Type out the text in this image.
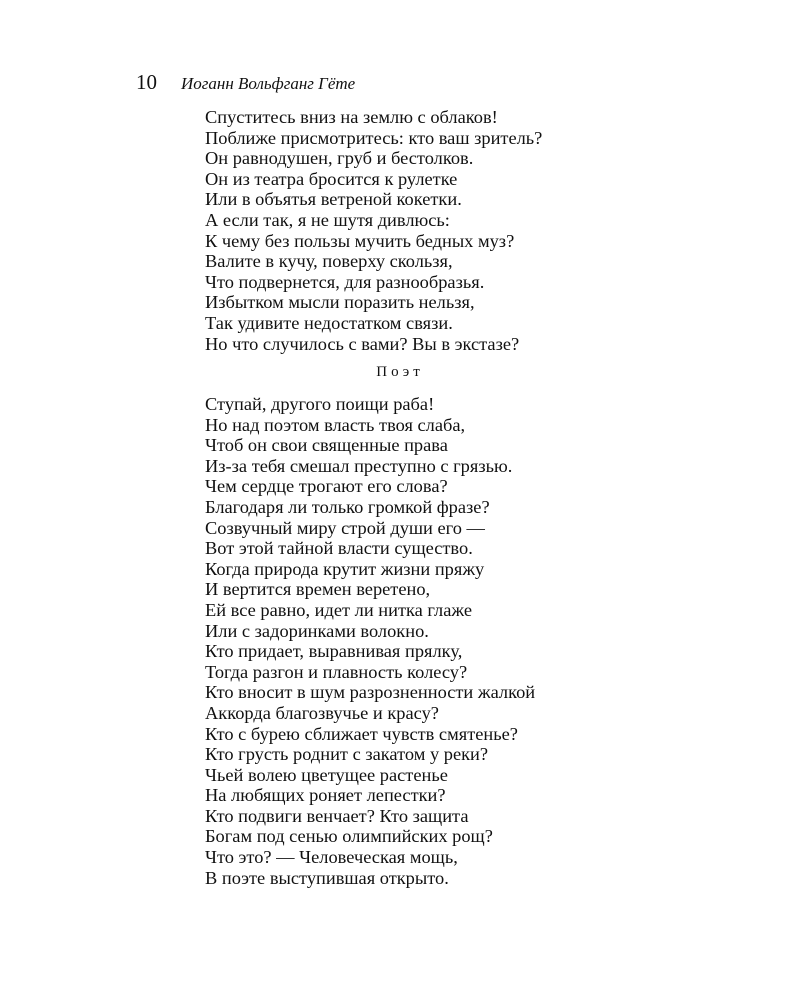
10 Иоганн Вольфганг Гёте
Спуститесь вниз на землю с облаков!
Поближе присмотритесь: кто ваш зритель?
Он равнодушен, груб и бестолков.
Он из театра бросится к рулетке
Или в объятья ветреной кокетки.
А если так, я не шутя дивлюсь:
К чему без пользы мучить бедных муз?
Валите в кучу, поверху скользя,
Что подвернется, для разнообразья.
Избытком мысли поразить нельзя,
Так удивите недостатком связи.
Но что случилось с вами? Вы в экстазе?
Поэт
Ступай, другого поищи раба!
Но над поэтом власть твоя слаба,
Чтоб он свои священные права
Из-за тебя смешал преступно с грязью.
Чем сердце трогают его слова?
Благодаря ли только громкой фразе?
Созвучный миру строй души его —
Вот этой тайной власти существо.
Когда природа крутит жизни пряжу
И вертится времен веретено,
Ей все равно, идет ли нитка глаже
Или с задоринками волокно.
Кто придает, выравнивая прялку,
Тогда разгон и плавность колесу?
Кто вносит в шум разрозненности жалкой
Аккорда благозвучье и красу?
Кто с бурею сближает чувств смятенье?
Кто грусть роднит с закатом у реки?
Чьей волею цветущее растенье
На любящих роняет лепестки?
Кто подвиги венчает? Кто защита
Богам под сенью олимпийских рощ?
Что это? — Человеческая мощь,
В поэте выступившая открыто.
